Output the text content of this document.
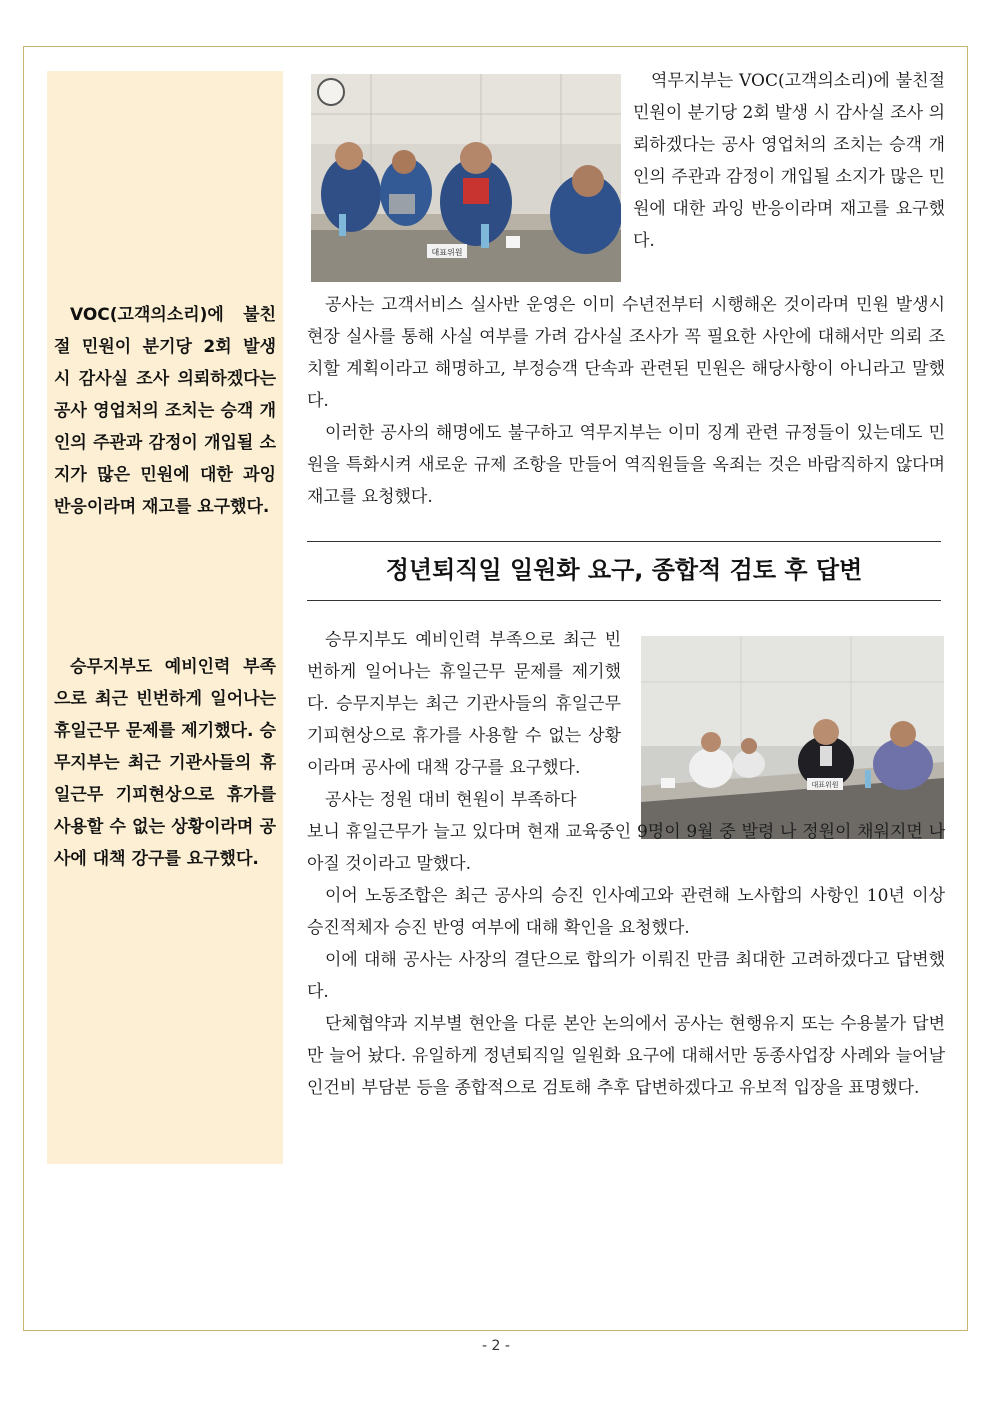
VOC(고객의소리)에 불친절 민원이 분기당 2회 발생 시 감사실 조사 의뢰하겠다는 공사 영업처의 조치는 승객 개인의 주관과 감정이 개입될 소지가 많은 민원에 대한 과잉 반응이라며 재고를 요구했다.

승무지부도 예비인력 부족으로 최근 빈번하게 일어나는 휴일근무 문제를 제기했다. 승무지부는 최근 기관사들의 휴일근무 기피현상으로 휴가를 사용할 수 없는 상황이라며 공사에 대책 강구를 요구했다.

대표위원
대표위원

역무지부는 VOC(고객의소리)에 불친절 민원이 분기당 2회 발생 시 감사실 조사 의뢰하겠다는 공사 영업처의 조치는 승객 개인의 주관과 감정이 개입될 소지가 많은 민원에 대한 과잉 반응이라며 재고를 요구했다.

공사는 고객서비스 실사반 운영은 이미 수년전부터 시행해온 것이라며 민원 발생시 현장 실사를 통해 사실 여부를 가려 감사실 조사가 꼭 필요한 사안에 대해서만 의뢰 조치할 계획이라고 해명하고, 부정승객 단속과 관련된 민원은 해당사항이 아니라고 말했다.

이러한 공사의 해명에도 불구하고 역무지부는 이미 징계 관련 규정들이 있는데도 민원을 특화시켜 새로운 규제 조항을 만들어 역직원들을 옥죄는 것은 바람직하지 않다며 재고를 요청했다.

정년퇴직일 일원화 요구, 종합적 검토 후 답변

승무지부도 예비인력 부족으로 최근 빈번하게 일어나는 휴일근무 문제를 제기했다. 승무지부는 최근 기관사들의 휴일근무 기피현상으로 휴가를 사용할 수 없는 상황이라며 공사에 대책 강구를 요구했다.

공사는 정원 대비 현원이 부족하다

보니 휴일근무가 늘고 있다며 현재 교육중인 9명이 9월 중 발령 나 정원이 채워지면 나아질 것이라고 말했다.

이어 노동조합은 최근 공사의 승진 인사예고와 관련해 노사합의 사항인 10년 이상 승진적체자 승진 반영 여부에 대해 확인을 요청했다.

이에 대해 공사는 사장의 결단으로 합의가 이뤄진 만큼 최대한 고려하겠다고 답변했다.

단체협약과 지부별 현안을 다룬 본안 논의에서 공사는 현행유지 또는 수용불가 답변만 늘어 놨다. 유일하게 정년퇴직일 일원화 요구에 대해서만 동종사업장 사례와 늘어날 인건비 부담분 등을 종합적으로 검토해 추후 답변하겠다고 유보적 입장을 표명했다.

- 2 -
